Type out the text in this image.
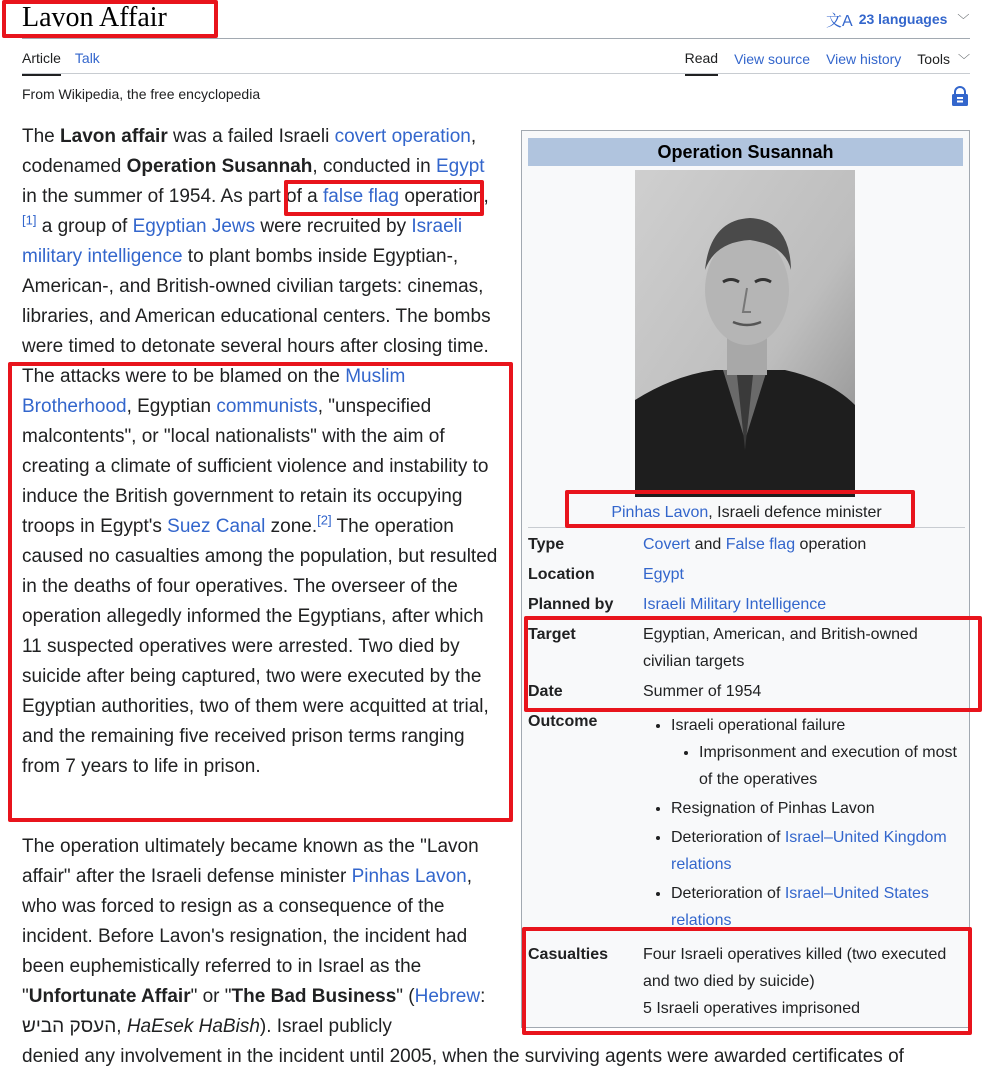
Lavon Affair	文A 23 languages ﹀
Article Talk	Read View source View history Tools ﹀
From Wikipedia, the free encyclopedia
The Lavon affair was a failed Israeli covert operation, codenamed Operation Susannah, conducted in Egypt in the summer of 1954. As part of a false flag operation,[1] a group of Egyptian Jews were recruited by Israeli military intelligence to plant bombs inside Egyptian-, American-, and British-owned civilian targets: cinemas, libraries, and American educational centers. The bombs were timed to detonate several hours after closing time. The attacks were to be blamed on the Muslim Brotherhood, Egyptian communists, "unspecified malcontents", or "local nationalists" with the aim of creating a climate of sufficient violence and instability to induce the British government to retain its occupying troops in Egypt's Suez Canal zone.[2] The operation caused no casualties among the population, but resulted in the deaths of four operatives. The overseer of the operation allegedly informed the Egyptians, after which 11 suspected operatives were arrested. Two died by suicide after being captured, two were executed by the Egyptian authorities, two of them were acquitted at trial, and the remaining five received prison terms ranging from 7 years to life in prison.
The operation ultimately became known as the "Lavon affair" after the Israeli defense minister Pinhas Lavon, who was forced to resign as a consequence of the incident. Before Lavon's resignation, the incident had been euphemistically referred to in Israel as the "Unfortunate Affair" or "The Bad Business" (Hebrew: העסק הביש, HaEsek HaBish). Israel publicly
denied any involvement in the incident until 2005, when the surviving agents were awarded certificates of
Operation Susannah
Pinhas Lavon, Israeli defence minister
Type	Covert and False flag operation
Location	Egypt
Planned by	Israeli Military Intelligence
Target	Egyptian, American, and British-owned civilian targets
Date	Summer of 1954
Outcome
•	Israeli operational failure
• Imprisonment and execution of most of the operatives
• Resignation of Pinhas Lavon
• Deterioration of Israel–United Kingdom relations
• Deterioration of Israel–United States relations
Casualties	Four Israeli operatives killed (two executed and two died by suicide)
5 Israeli operatives imprisoned
